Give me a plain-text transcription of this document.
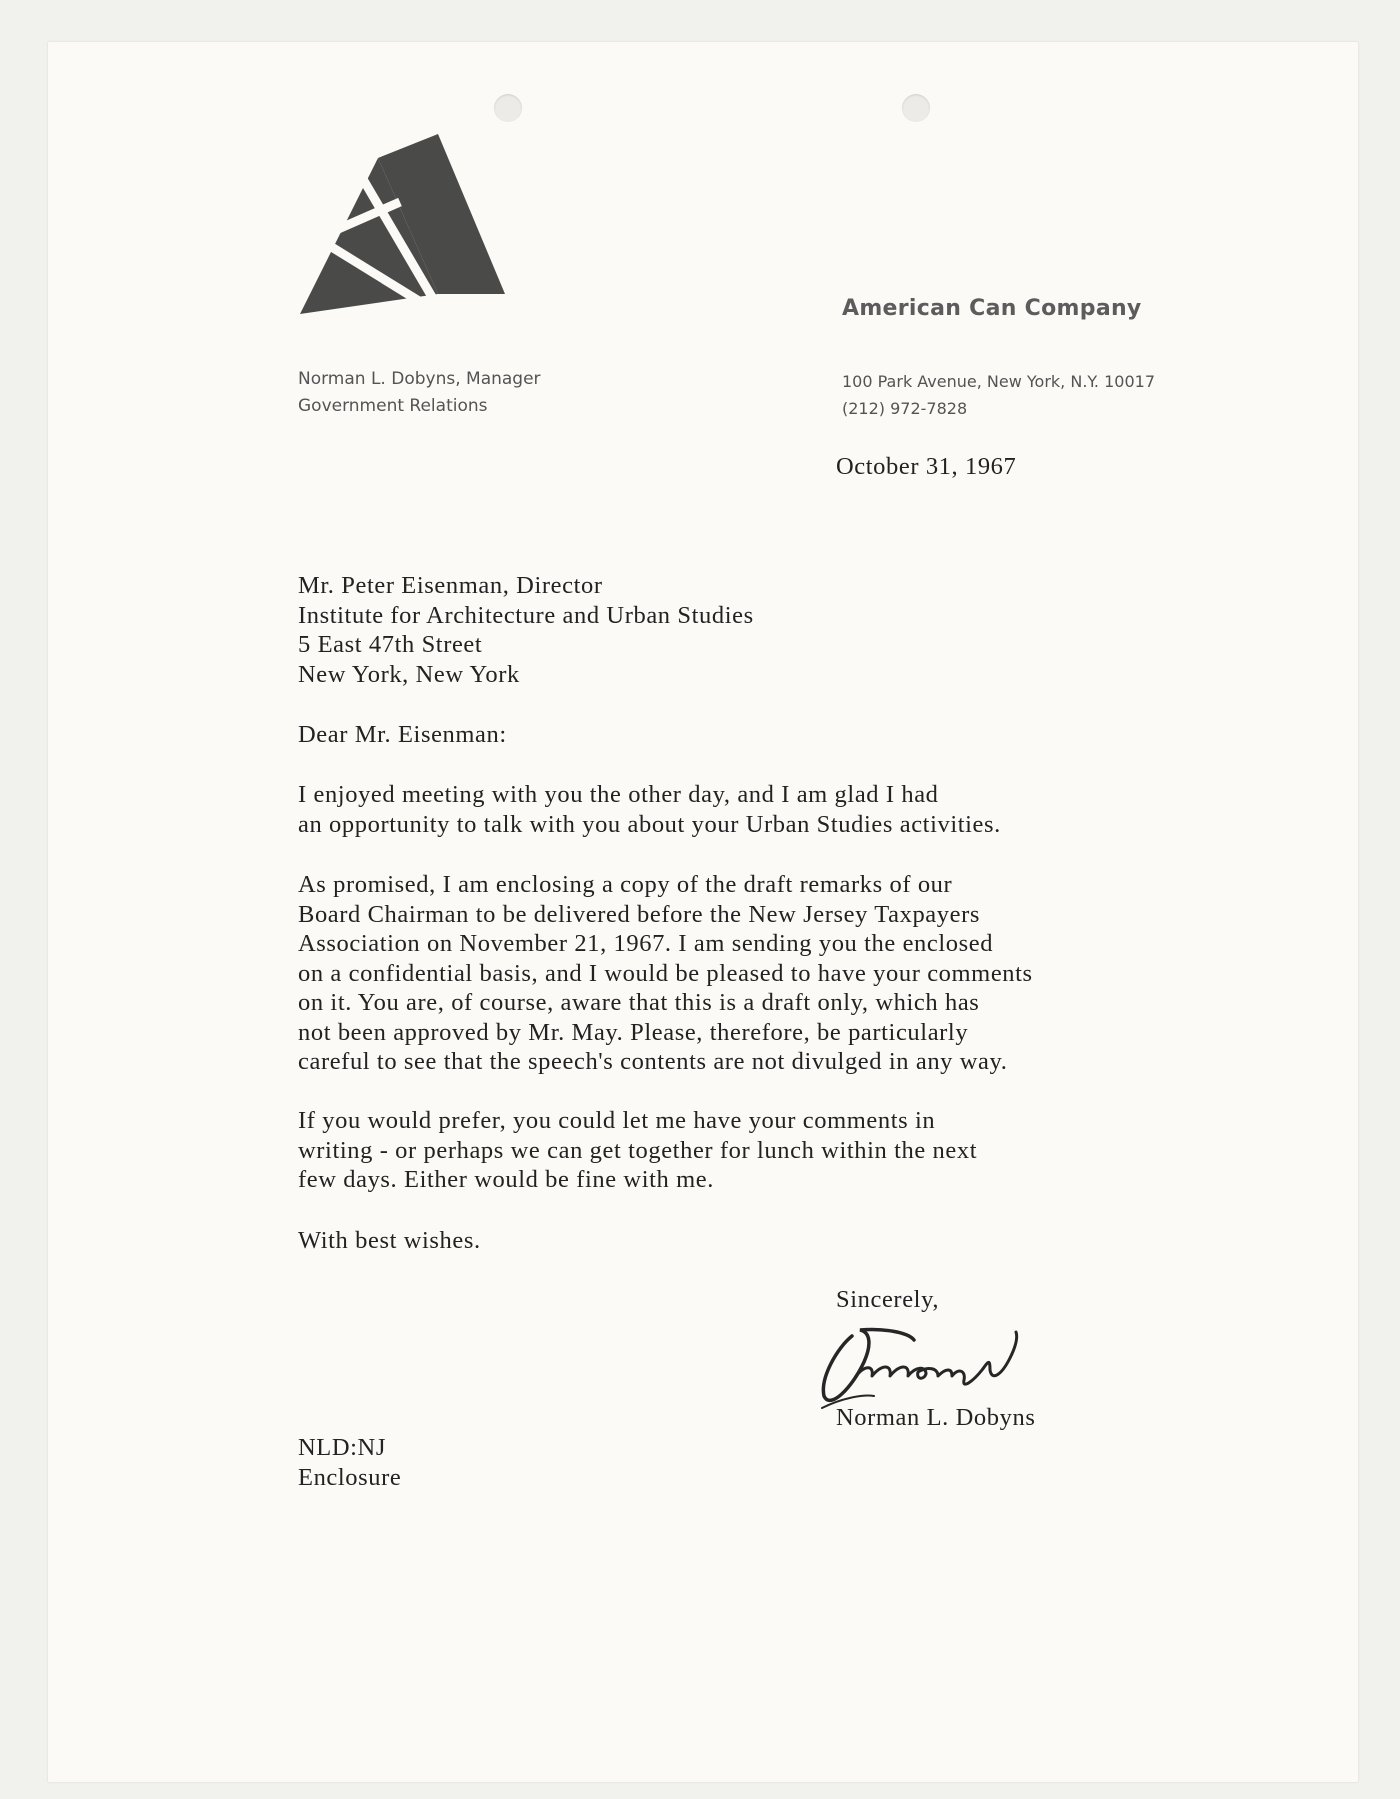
American Can Company
Norman L. Dobyns, Manager
Government Relations
100 Park Avenue, New York, N.Y. 10017
(212) 972-7828
October 31, 1967
Mr. Peter Eisenman, Director
Institute for Architecture and Urban Studies
5 East 47th Street
New York, New York
Dear Mr. Eisenman:
I enjoyed meeting with you the other day, and I am glad I had
an opportunity to talk with you about your Urban Studies activities.
As promised, I am enclosing a copy of the draft remarks of our
Board Chairman to be delivered before the New Jersey Taxpayers
Association on November 21, 1967. I am sending you the enclosed
on a confidential basis, and I would be pleased to have your comments
on it. You are, of course, aware that this is a draft only, which has
not been approved by Mr. May. Please, therefore, be particularly
careful to see that the speech's contents are not divulged in any way.
If you would prefer, you could let me have your comments in
writing - or perhaps we can get together for lunch within the next
few days. Either would be fine with me.
With best wishes.
Sincerely,
Norman L. Dobyns
NLD:NJ
Enclosure
